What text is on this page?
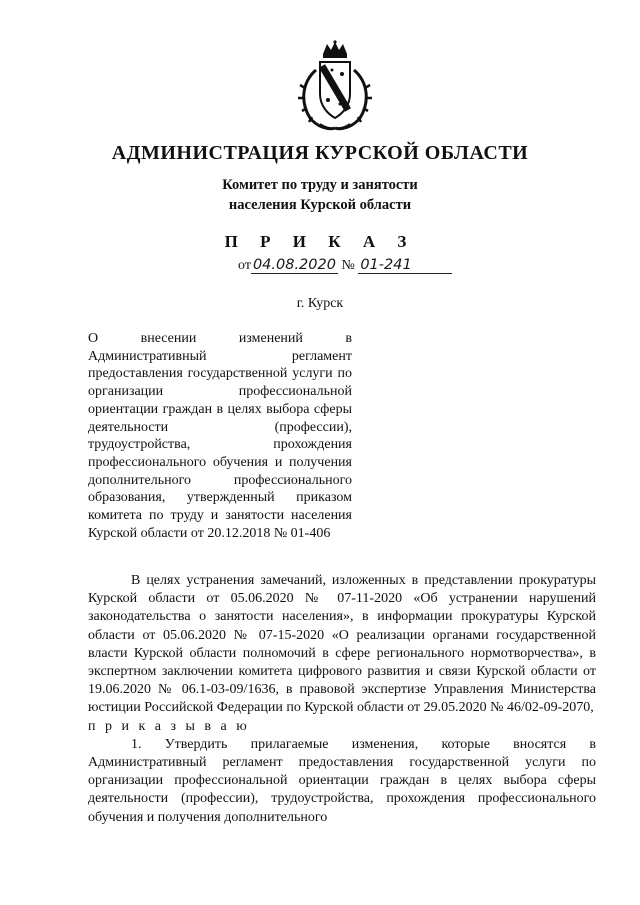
АДМИНИСТРАЦИЯ КУРСКОЙ ОБЛАСТИ
Комитет по труду и занятости
населения Курской области
П Р И К А З
от 04.08.2020 № 01-241
г. Курск
О внесении изменений в Административный регламент предоставления государственной услуги по организации профессиональной ориентации граждан в целях выбора сферы деятельности (профессии), трудоустройства, прохождения профессионального обучения и получения дополнительного профессионального образования, утвержденный приказом комитета по труду и занятости населения Курской области от 20.12.2018 № 01-406

В целях устранения замечаний, изложенных в представлении прокуратуры Курской области от 05.06.2020 № 07-11-2020 «Об устранении нарушений законодательства о занятости населения», в информации прокуратуры Курской области от 05.06.2020 № 07-15-2020 «О реализации органами государственной власти Курской области полномочий в сфере регионального нормотворчества», в экспертном заключении комитета цифрового развития и связи Курской области от 19.06.2020 № 06.1-03-09/1636, в правовой экспертизе Управления Министерства юстиции Российской Федерации по Курской области от 29.05.2020 № 46/02-09-2070,

п р и к а з ы в а ю

1. Утвердить прилагаемые изменения, которые вносятся в Административный регламент предоставления государственной услуги по организации профессиональной ориентации граждан в целях выбора сферы деятельности (профессии), трудоустройства, прохождения профессионального обучения и получения дополнительного
